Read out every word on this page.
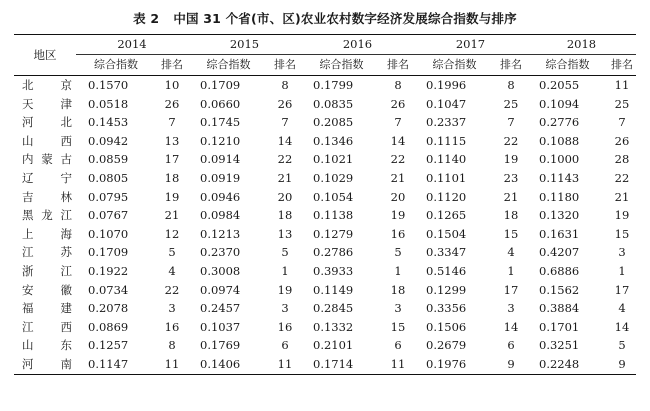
表 2 中国 31 个省(市、区)农业农村数字经济发展综合指数与排序
地区	2014		2015		2016		2017		2018	
	综合指数	排名	综合指数	排名	综合指数	排名	综合指数	排名	综合指数	排名
北京	0.1570	10	0.1709	8	0.1799	8	0.1996	8	0.2055	11
天津	0.0518	26	0.0660	26	0.0835	26	0.1047	25	0.1094	25
河北	0.1453	7	0.1745	7	0.2085	7	0.2337	7	0.2776	7
山西	0.0942	13	0.1210	14	0.1346	14	0.1115	22	0.1088	26
内蒙古	0.0859	17	0.0914	22	0.1021	22	0.1140	19	0.1000	28
辽宁	0.0805	18	0.0919	21	0.1029	21	0.1101	23	0.1143	22
吉林	0.0795	19	0.0946	20	0.1054	20	0.1120	21	0.1180	21
黑龙江	0.0767	21	0.0984	18	0.1138	19	0.1265	18	0.1320	19
上海	0.1070	12	0.1213	13	0.1279	16	0.1504	15	0.1631	15
江苏	0.1709	5	0.2370	5	0.2786	5	0.3347	4	0.4207	3
浙江	0.1922	4	0.3008	1	0.3933	1	0.5146	1	0.6886	1
安徽	0.0734	22	0.0974	19	0.1149	18	0.1299	17	0.1562	17
福建	0.2078	3	0.2457	3	0.2845	3	0.3356	3	0.3884	4
江西	0.0869	16	0.1037	16	0.1332	15	0.1506	14	0.1701	14
山东	0.1257	8	0.1769	6	0.2101	6	0.2679	6	0.3251	5
河南	0.1147	11	0.1406	11	0.1714	11	0.1976	9	0.2248	9
